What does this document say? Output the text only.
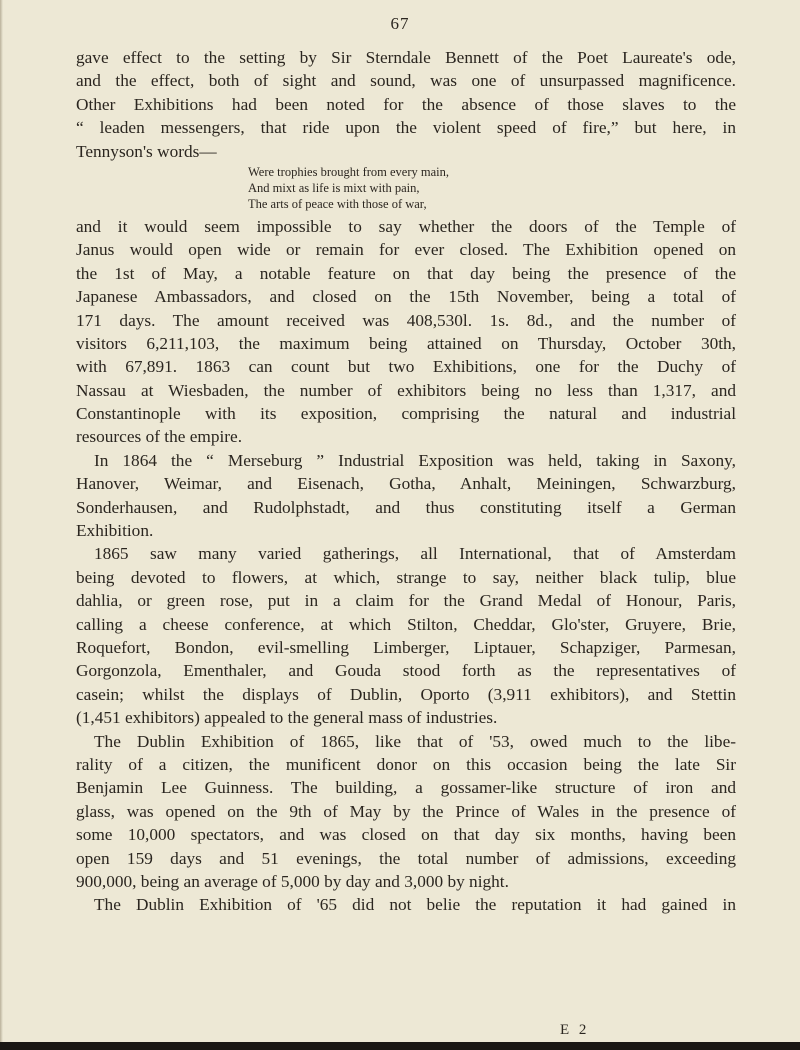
67
gave effect to the setting by Sir Sterndale Bennett of the Poet Laureate's ode,
and the effect, both of sight and sound, was one of unsurpassed magnificence.
Other Exhibitions had been noted for the absence of those slaves to the
“ leaden messengers, that ride upon the violent speed of fire,” but here, in
Tennyson's words—
Were trophies brought from every main,
And mixt as life is mixt with pain,
The arts of peace with those of war,
and it would seem impossible to say whether the doors of the Temple of
Janus would open wide or remain for ever closed. The Exhibition opened on
the 1st of May, a notable feature on that day being the presence of the
Japanese Ambassadors, and closed on the 15th November, being a total of
171 days. The amount received was 408,530l. 1s. 8d., and the number of
visitors 6,211,103, the maximum being attained on Thursday, October 30th,
with 67,891. 1863 can count but two Exhibitions, one for the Duchy of
Nassau at Wiesbaden, the number of exhibitors being no less than 1,317, and
Constantinople with its exposition, comprising the natural and industrial
resources of the empire.
In 1864 the “ Merseburg ” Industrial Exposition was held, taking in Saxony,
Hanover, Weimar, and Eisenach, Gotha, Anhalt, Meiningen, Schwarzburg,
Sonderhausen, and Rudolphstadt, and thus constituting itself a German
Exhibition.
1865 saw many varied gatherings, all International, that of Amsterdam
being devoted to flowers, at which, strange to say, neither black tulip, blue
dahlia, or green rose, put in a claim for the Grand Medal of Honour, Paris,
calling a cheese conference, at which Stilton, Cheddar, Glo'ster, Gruyere, Brie,
Roquefort, Bondon, evil-smelling Limberger, Liptauer, Schapziger, Parmesan,
Gorgonzola, Ementhaler, and Gouda stood forth as the representatives of
casein; whilst the displays of Dublin, Oporto (3,911 exhibitors), and Stettin
(1,451 exhibitors) appealed to the general mass of industries.
The Dublin Exhibition of 1865, like that of '53, owed much to the libe-
rality of a citizen, the munificent donor on this occasion being the late Sir
Benjamin Lee Guinness. The building, a gossamer-like structure of iron and
glass, was opened on the 9th of May by the Prince of Wales in the presence of
some 10,000 spectators, and was closed on that day six months, having been
open 159 days and 51 evenings, the total number of admissions, exceeding
900,000, being an average of 5,000 by day and 3,000 by night.
The Dublin Exhibition of '65 did not belie the reputation it had gained in
E 2
